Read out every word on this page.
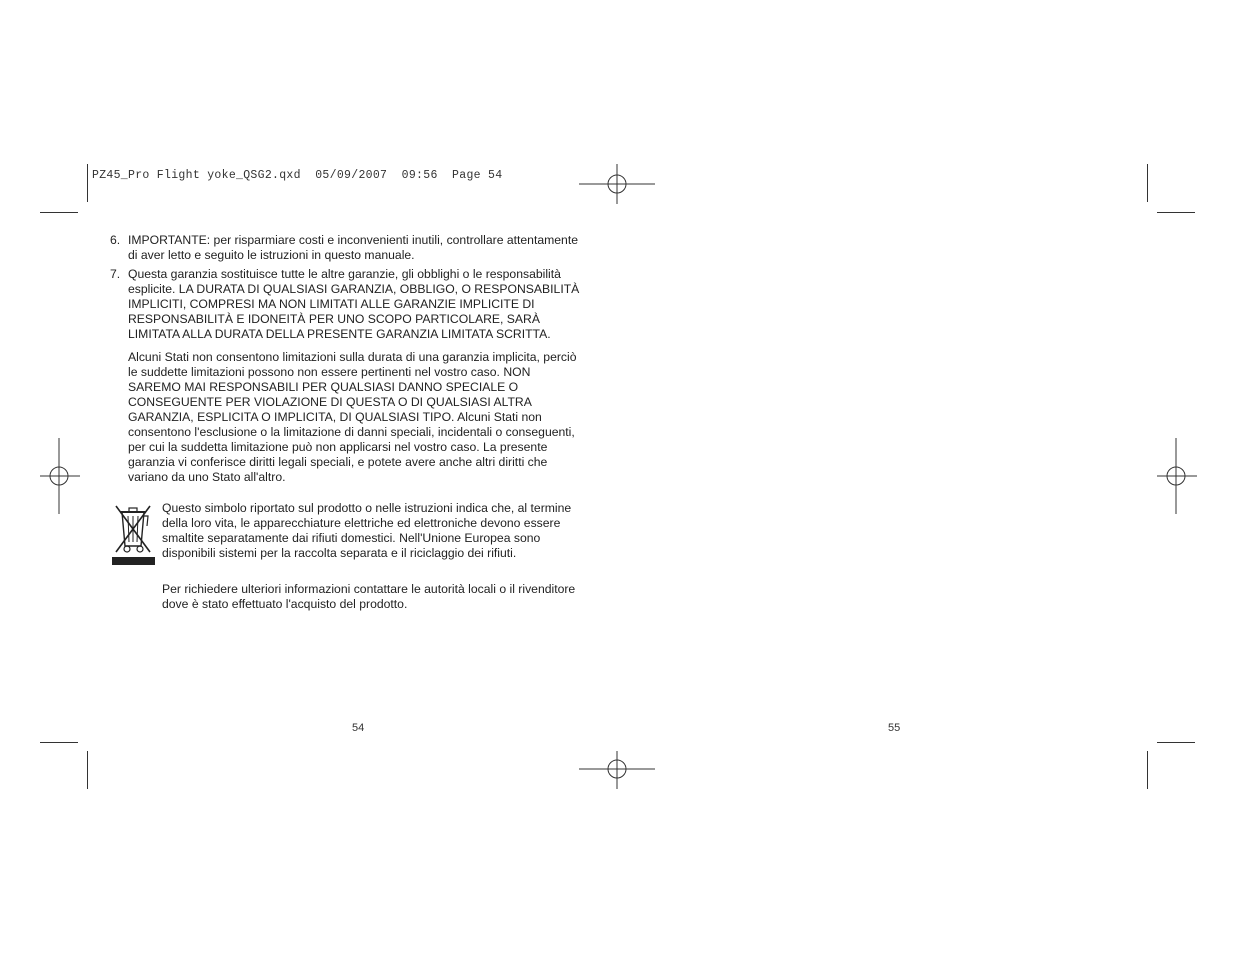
PZ45_Pro Flight yoke_QSG2.qxd  05/09/2007  09:56  Page 54
6. IMPORTANTE: per risparmiare costi e inconvenienti inutili, controllare attentamente
di aver letto e seguito le istruzioni in questo manuale.
7. Questa garanzia sostituisce tutte le altre garanzie, gli obblighi o le responsabilità
esplicite. LA DURATA DI QUALSIASI GARANZIA, OBBLIGO, O RESPONSABILITÀ
IMPLICITI, COMPRESI MA NON LIMITATI ALLE GARANZIE IMPLICITE DI
RESPONSABILITÀ E IDONEITÀ PER UNO SCOPO PARTICOLARE, SARÀ
LIMITATA ALLA DURATA DELLA PRESENTE GARANZIA LIMITATA SCRITTA.
Alcuni Stati non consentono limitazioni sulla durata di una garanzia implicita, perciò
le suddette limitazioni possono non essere pertinenti nel vostro caso. NON
SAREMO MAI RESPONSABILI PER QUALSIASI DANNO SPECIALE O
CONSEGUENTE PER VIOLAZIONE DI QUESTA O DI QUALSIASI ALTRA
GARANZIA, ESPLICITA O IMPLICITA, DI QUALSIASI TIPO. Alcuni Stati non
consentono l'esclusione o la limitazione di danni speciali, incidentali o conseguenti,
per cui la suddetta limitazione può non applicarsi nel vostro caso. La presente
garanzia vi conferisce diritti legali speciali, e potete avere anche altri diritti che
variano da uno Stato all'altro.

Questo simbolo riportato sul prodotto o nelle istruzioni indica che, al termine
della loro vita, le apparecchiature elettriche ed elettroniche devono essere
smaltite separatamente dai rifiuti domestici. Nell'Unione Europea sono
disponibili sistemi per la raccolta separata e il riciclaggio dei rifiuti.

Per richiedere ulteriori informazioni contattare le autorità locali o il rivenditore
dove è stato effettuato l'acquisto del prodotto.

54	55
